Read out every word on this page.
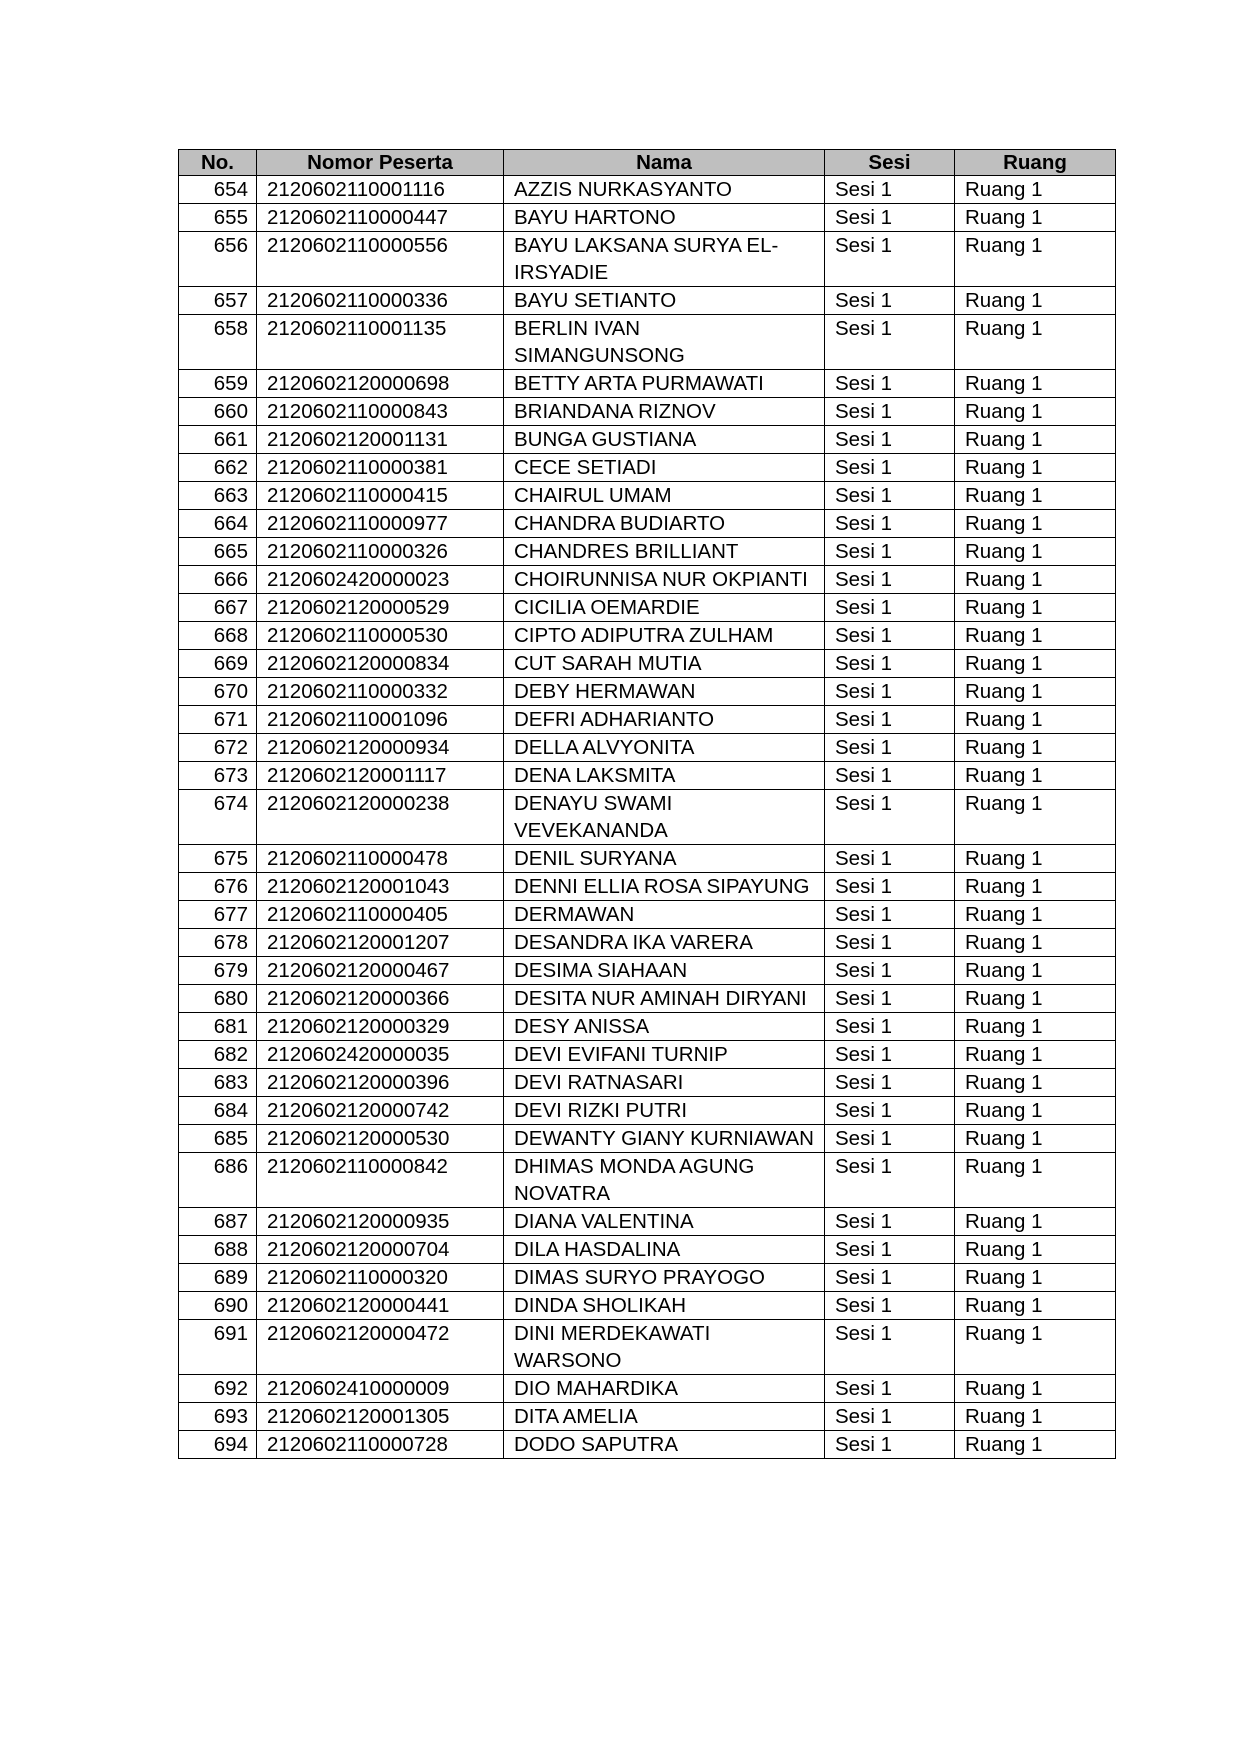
No.	Nomor Peserta	Nama	Sesi	Ruang
654	2120602110001116	AZZIS NURKASYANTO	Sesi 1	Ruang 1
655	2120602110000447	BAYU HARTONO	Sesi 1	Ruang 1
656	2120602110000556	BAYU LAKSANA SURYA EL-IRSYADIE	Sesi 1	Ruang 1
657	2120602110000336	BAYU SETIANTO	Sesi 1	Ruang 1
658	2120602110001135	BERLIN IVAN SIMANGUNSONG	Sesi 1	Ruang 1
659	2120602120000698	BETTY ARTA PURMAWATI	Sesi 1	Ruang 1
660	2120602110000843	BRIANDANA RIZNOV	Sesi 1	Ruang 1
661	2120602120001131	BUNGA GUSTIANA	Sesi 1	Ruang 1
662	2120602110000381	CECE SETIADI	Sesi 1	Ruang 1
663	2120602110000415	CHAIRUL UMAM	Sesi 1	Ruang 1
664	2120602110000977	CHANDRA BUDIARTO	Sesi 1	Ruang 1
665	2120602110000326	CHANDRES BRILLIANT	Sesi 1	Ruang 1
666	2120602420000023	CHOIRUNNISA NUR OKPIANTI	Sesi 1	Ruang 1
667	2120602120000529	CICILIA OEMARDIE	Sesi 1	Ruang 1
668	2120602110000530	CIPTO ADIPUTRA ZULHAM	Sesi 1	Ruang 1
669	2120602120000834	CUT SARAH MUTIA	Sesi 1	Ruang 1
670	2120602110000332	DEBY HERMAWAN	Sesi 1	Ruang 1
671	2120602110001096	DEFRI ADHARIANTO	Sesi 1	Ruang 1
672	2120602120000934	DELLA ALVYONITA	Sesi 1	Ruang 1
673	2120602120001117	DENA LAKSMITA	Sesi 1	Ruang 1
674	2120602120000238	DENAYU SWAMI VEVEKANANDA	Sesi 1	Ruang 1
675	2120602110000478	DENIL SURYANA	Sesi 1	Ruang 1
676	2120602120001043	DENNI ELLIA ROSA SIPAYUNG	Sesi 1	Ruang 1
677	2120602110000405	DERMAWAN	Sesi 1	Ruang 1
678	2120602120001207	DESANDRA IKA VARERA	Sesi 1	Ruang 1
679	2120602120000467	DESIMA SIAHAAN	Sesi 1	Ruang 1
680	2120602120000366	DESITA NUR AMINAH DIRYANI	Sesi 1	Ruang 1
681	2120602120000329	DESY ANISSA	Sesi 1	Ruang 1
682	2120602420000035	DEVI EVIFANI TURNIP	Sesi 1	Ruang 1
683	2120602120000396	DEVI RATNASARI	Sesi 1	Ruang 1
684	2120602120000742	DEVI RIZKI PUTRI	Sesi 1	Ruang 1
685	2120602120000530	DEWANTY GIANY KURNIAWAN	Sesi 1	Ruang 1
686	2120602110000842	DHIMAS MONDA AGUNG NOVATRA	Sesi 1	Ruang 1
687	2120602120000935	DIANA VALENTINA	Sesi 1	Ruang 1
688	2120602120000704	DILA HASDALINA	Sesi 1	Ruang 1
689	2120602110000320	DIMAS SURYO PRAYOGO	Sesi 1	Ruang 1
690	2120602120000441	DINDA SHOLIKAH	Sesi 1	Ruang 1
691	2120602120000472	DINI MERDEKAWATI WARSONO	Sesi 1	Ruang 1
692	2120602410000009	DIO MAHARDIKA	Sesi 1	Ruang 1
693	2120602120001305	DITA AMELIA	Sesi 1	Ruang 1
694	2120602110000728	DODO SAPUTRA	Sesi 1	Ruang 1
